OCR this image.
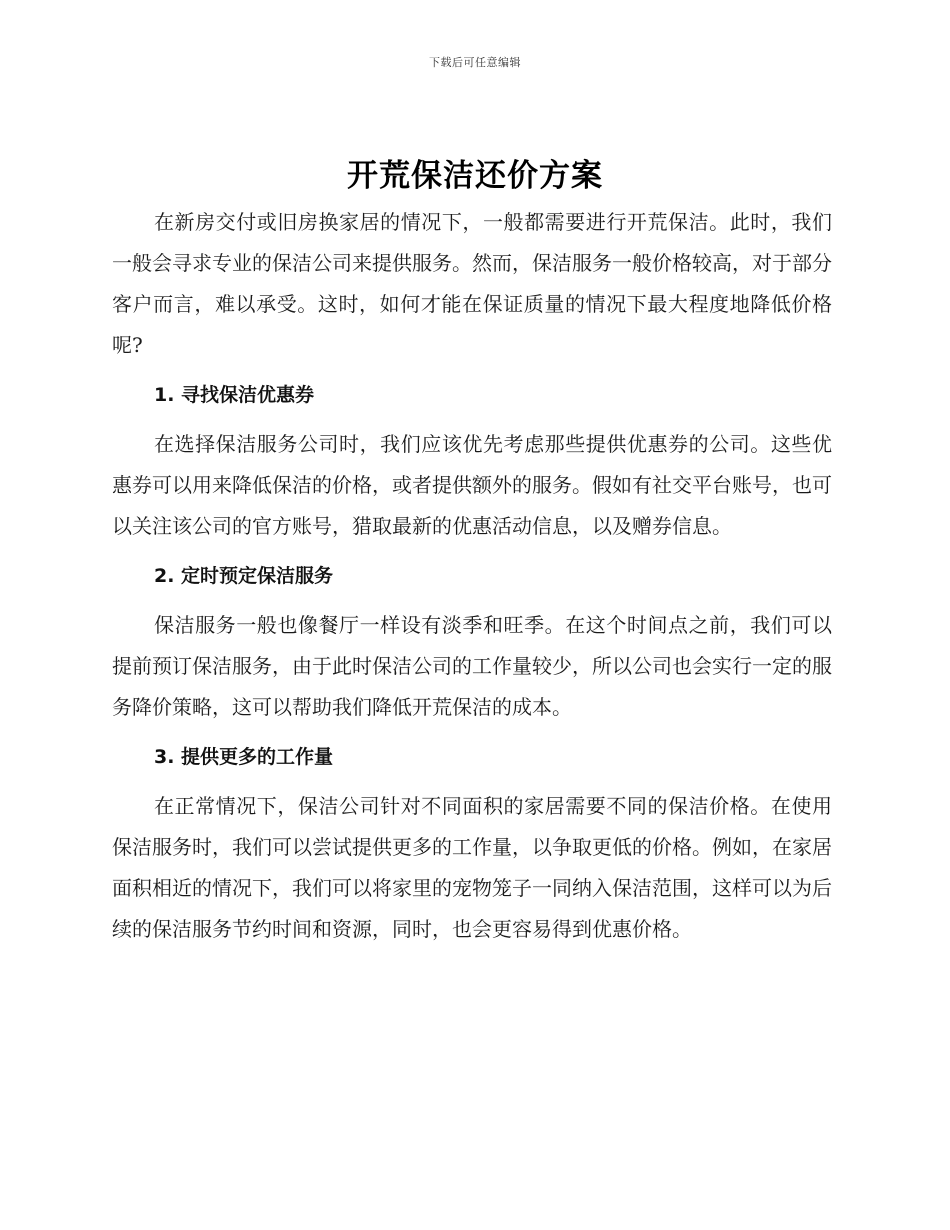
下载后可任意编辑
开荒保洁还价方案

在新房交付或旧房换家居的情况下，一般都需要进行开荒保洁。此时，我们一般会寻求专业的保洁公司来提供服务。然而，保洁服务一般价格较高，对于部分客户而言，难以承受。这时，如何才能在保证质量的情况下最大程度地降低价格呢?

1. 寻找保洁优惠券

在选择保洁服务公司时，我们应该优先考虑那些提供优惠券的公司。这些优惠券可以用来降低保洁的价格，或者提供额外的服务。假如有社交平台账号，也可以关注该公司的官方账号，猎取最新的优惠活动信息，以及赠券信息。

2. 定时预定保洁服务

保洁服务一般也像餐厅一样设有淡季和旺季。在这个时间点之前，我们可以提前预订保洁服务，由于此时保洁公司的工作量较少，所以公司也会实行一定的服务降价策略，这可以帮助我们降低开荒保洁的成本。

3. 提供更多的工作量

在正常情况下，保洁公司针对不同面积的家居需要不同的保洁价格。在使用保洁服务时，我们可以尝试提供更多的工作量，以争取更低的价格。例如，在家居面积相近的情况下，我们可以将家里的宠物笼子一同纳入保洁范围，这样可以为后续的保洁服务节约时间和资源，同时，也会更容易得到优惠价格。
